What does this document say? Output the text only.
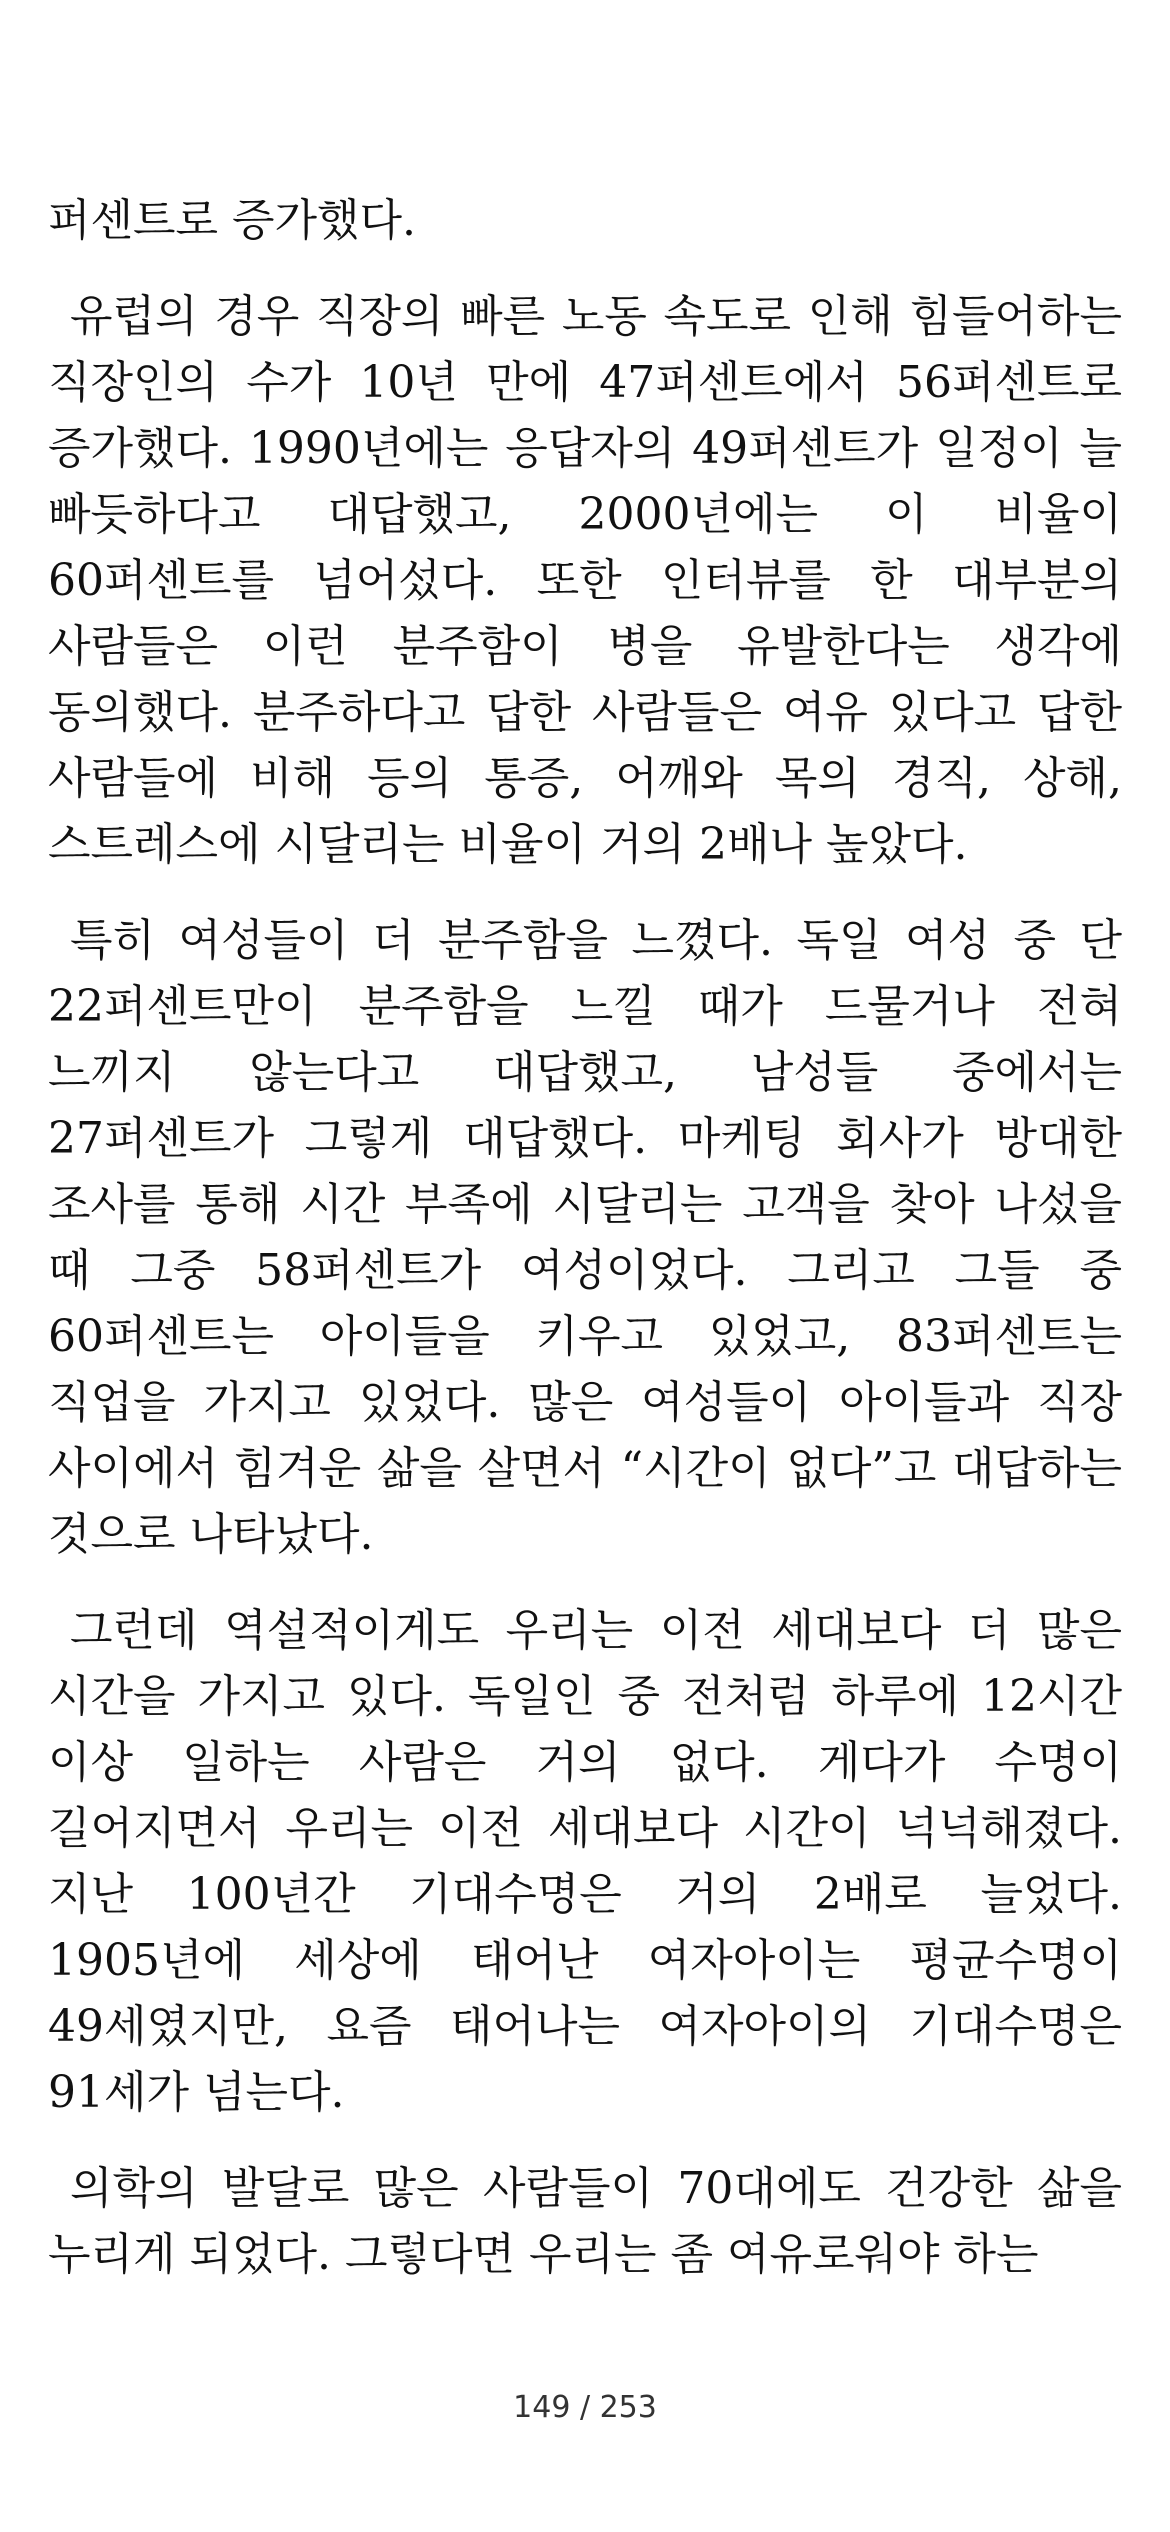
퍼센트로 증가했다.

유럽의 경우 직장의 빠른 노동 속도로 인해 힘들어하는 직장인의 수가 10년 만에 47퍼센트에서 56퍼센트로 증가했다. 1990년에는 응답자의 49퍼센트가 일정이 늘 빠듯하다고 대답했고, 2000년에는 이 비율이 60퍼센트를 넘어섰다. 또한 인터뷰를 한 대부분의 사람들은 이런 분주함이 병을 유발한다는 생각에 동의했다. 분주하다고 답한 사람들은 여유 있다고 답한 사람들에 비해 등의 통증, 어깨와 목의 경직, 상해, 스트레스에 시달리는 비율이 거의 2배나 높았다.

특히 여성들이 더 분주함을 느꼈다. 독일 여성 중 단 22퍼센트만이 분주함을 느낄 때가 드물거나 전혀 느끼지 않는다고 대답했고, 남성들 중에서는 27퍼센트가 그렇게 대답했다. 마케팅 회사가 방대한 조사를 통해 시간 부족에 시달리는 고객을 찾아 나섰을 때 그중 58퍼센트가 여성이었다. 그리고 그들 중 60퍼센트는 아이들을 키우고 있었고, 83퍼센트는 직업을 가지고 있었다. 많은 여성들이 아이들과 직장 사이에서 힘겨운 삶을 살면서 “시간이 없다”고 대답하는 것으로 나타났다.

그런데 역설적이게도 우리는 이전 세대보다 더 많은 시간을 가지고 있다. 독일인 중 전처럼 하루에 12시간 이상 일하는 사람은 거의 없다. 게다가 수명이 길어지면서 우리는 이전 세대보다 시간이 넉넉해졌다. 지난 100년간 기대수명은 거의 2배로 늘었다. 1905년에 세상에 태어난 여자아이는 평균수명이 49세였지만, 요즘 태어나는 여자아이의 기대수명은 91세가 넘는다.

의학의 발달로 많은 사람들이 70대에도 건강한 삶을 누리게 되었다. 그렇다면 우리는 좀 여유로워야 하는

149 / 253
